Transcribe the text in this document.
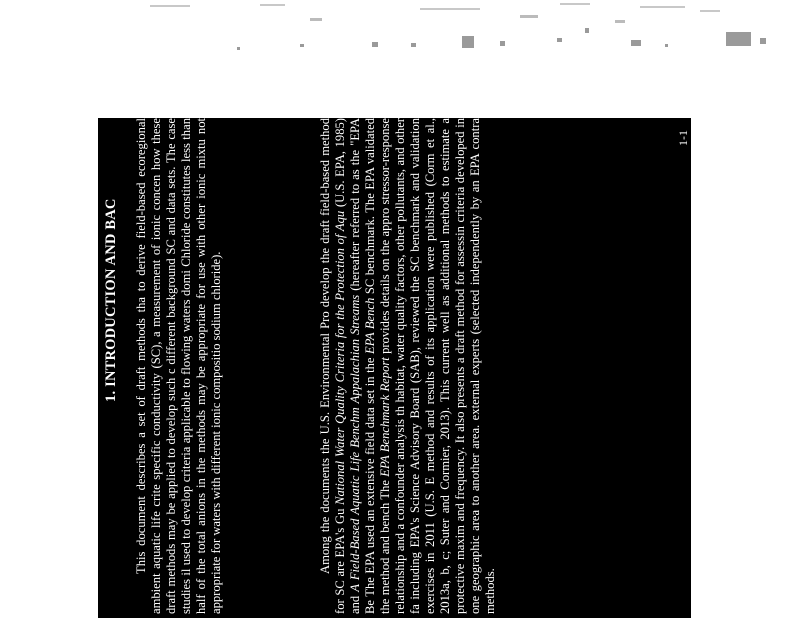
1. INTRODUCTION AND BAC This document describes a set of draft methods tha to derive field-based ecoregional ambient aquatic life crite specific conductivity (SC), a measurement of ionic concen how these draft methods may be applied to develop such c different background SC and data sets. The case studies il used to develop criteria applicable to flowing waters domi Chloride constitutes less than half of the total anions in the methods may be appropriate for use with other ionic mixtu not appropriate for waters with different ionic compositio sodium chloride).	Among the documents the U.S. Environmental Pro develop the draft field-based method for SC are EPA's Gu National Water Quality Criteria for the Protection of Aqu (U.S. EPA, 1985) and A Field-Based Aquatic Life Benchm Appalachian Streams (hereafter referred to as the "EPA Be The EPA used an extensive field data set in the EPA Bench SC benchmark. The EPA validated the method and bench The EPA Benchmark Report provides details on the appro stressor-response relationship and a confounder analysis th habitat, water quality factors, other pollutants, and other fa including EPA's Science Advisory Board (SAB), reviewed the SC benchmark and validation exercises in 2011 (U.S. E method and results of its application were published (Corm et al., 2013a, b, c; Suter and Cormier, 2013). This current well as additional methods to estimate a protective maxim and frequency. It also presents a draft method for assessin criteria developed in one geographic area to another area. external experts (selected independently by an EPA contra methods.
1-1
